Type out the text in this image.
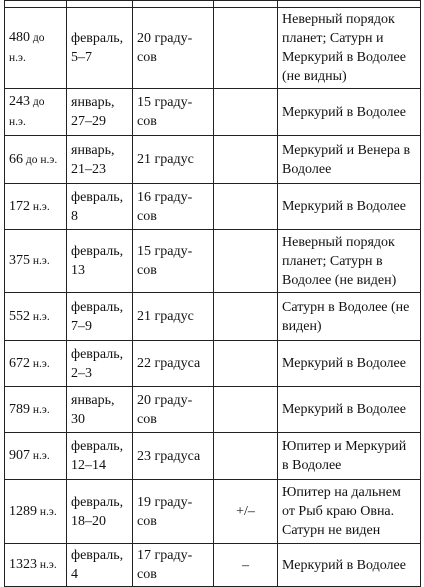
480 до н.э.	февраль, 5–7	20 граду-сов		Неверный порядок планет; Сатурн и Меркурий в Водолее (не видны)
243 до н.э.	январь, 27–29	15 граду-сов		Меркурий в Водолее
66 до н.э.	январь, 21–23	21 градус		Меркурий и Венера в Водолее
172 н.э.	февраль, 8	16 граду-сов		Меркурий в Водолее
375 н.э.	февраль, 13	15 граду-сов		Неверный порядок планет; Сатурн в Водолее (не виден)
552 н.э.	февраль, 7–9	21 градус		Сатурн в Водолее (не виден)
672 н.э.	февраль, 2–3	22 градуса		Меркурий в Водолее
789 н.э.	январь, 30	20 граду-сов		Меркурий в Водолее
907 н.э.	февраль, 12–14	23 градуса		Юпитер и Меркурий в Водолее
1289 н.э.	февраль, 18–20	19 граду-сов	+/–	Юпитер на дальнем от Рыб краю Овна. Сатурн не виден
1323 н.э.	февраль, 4	17 граду-сов	–	Меркурий в Водолее
